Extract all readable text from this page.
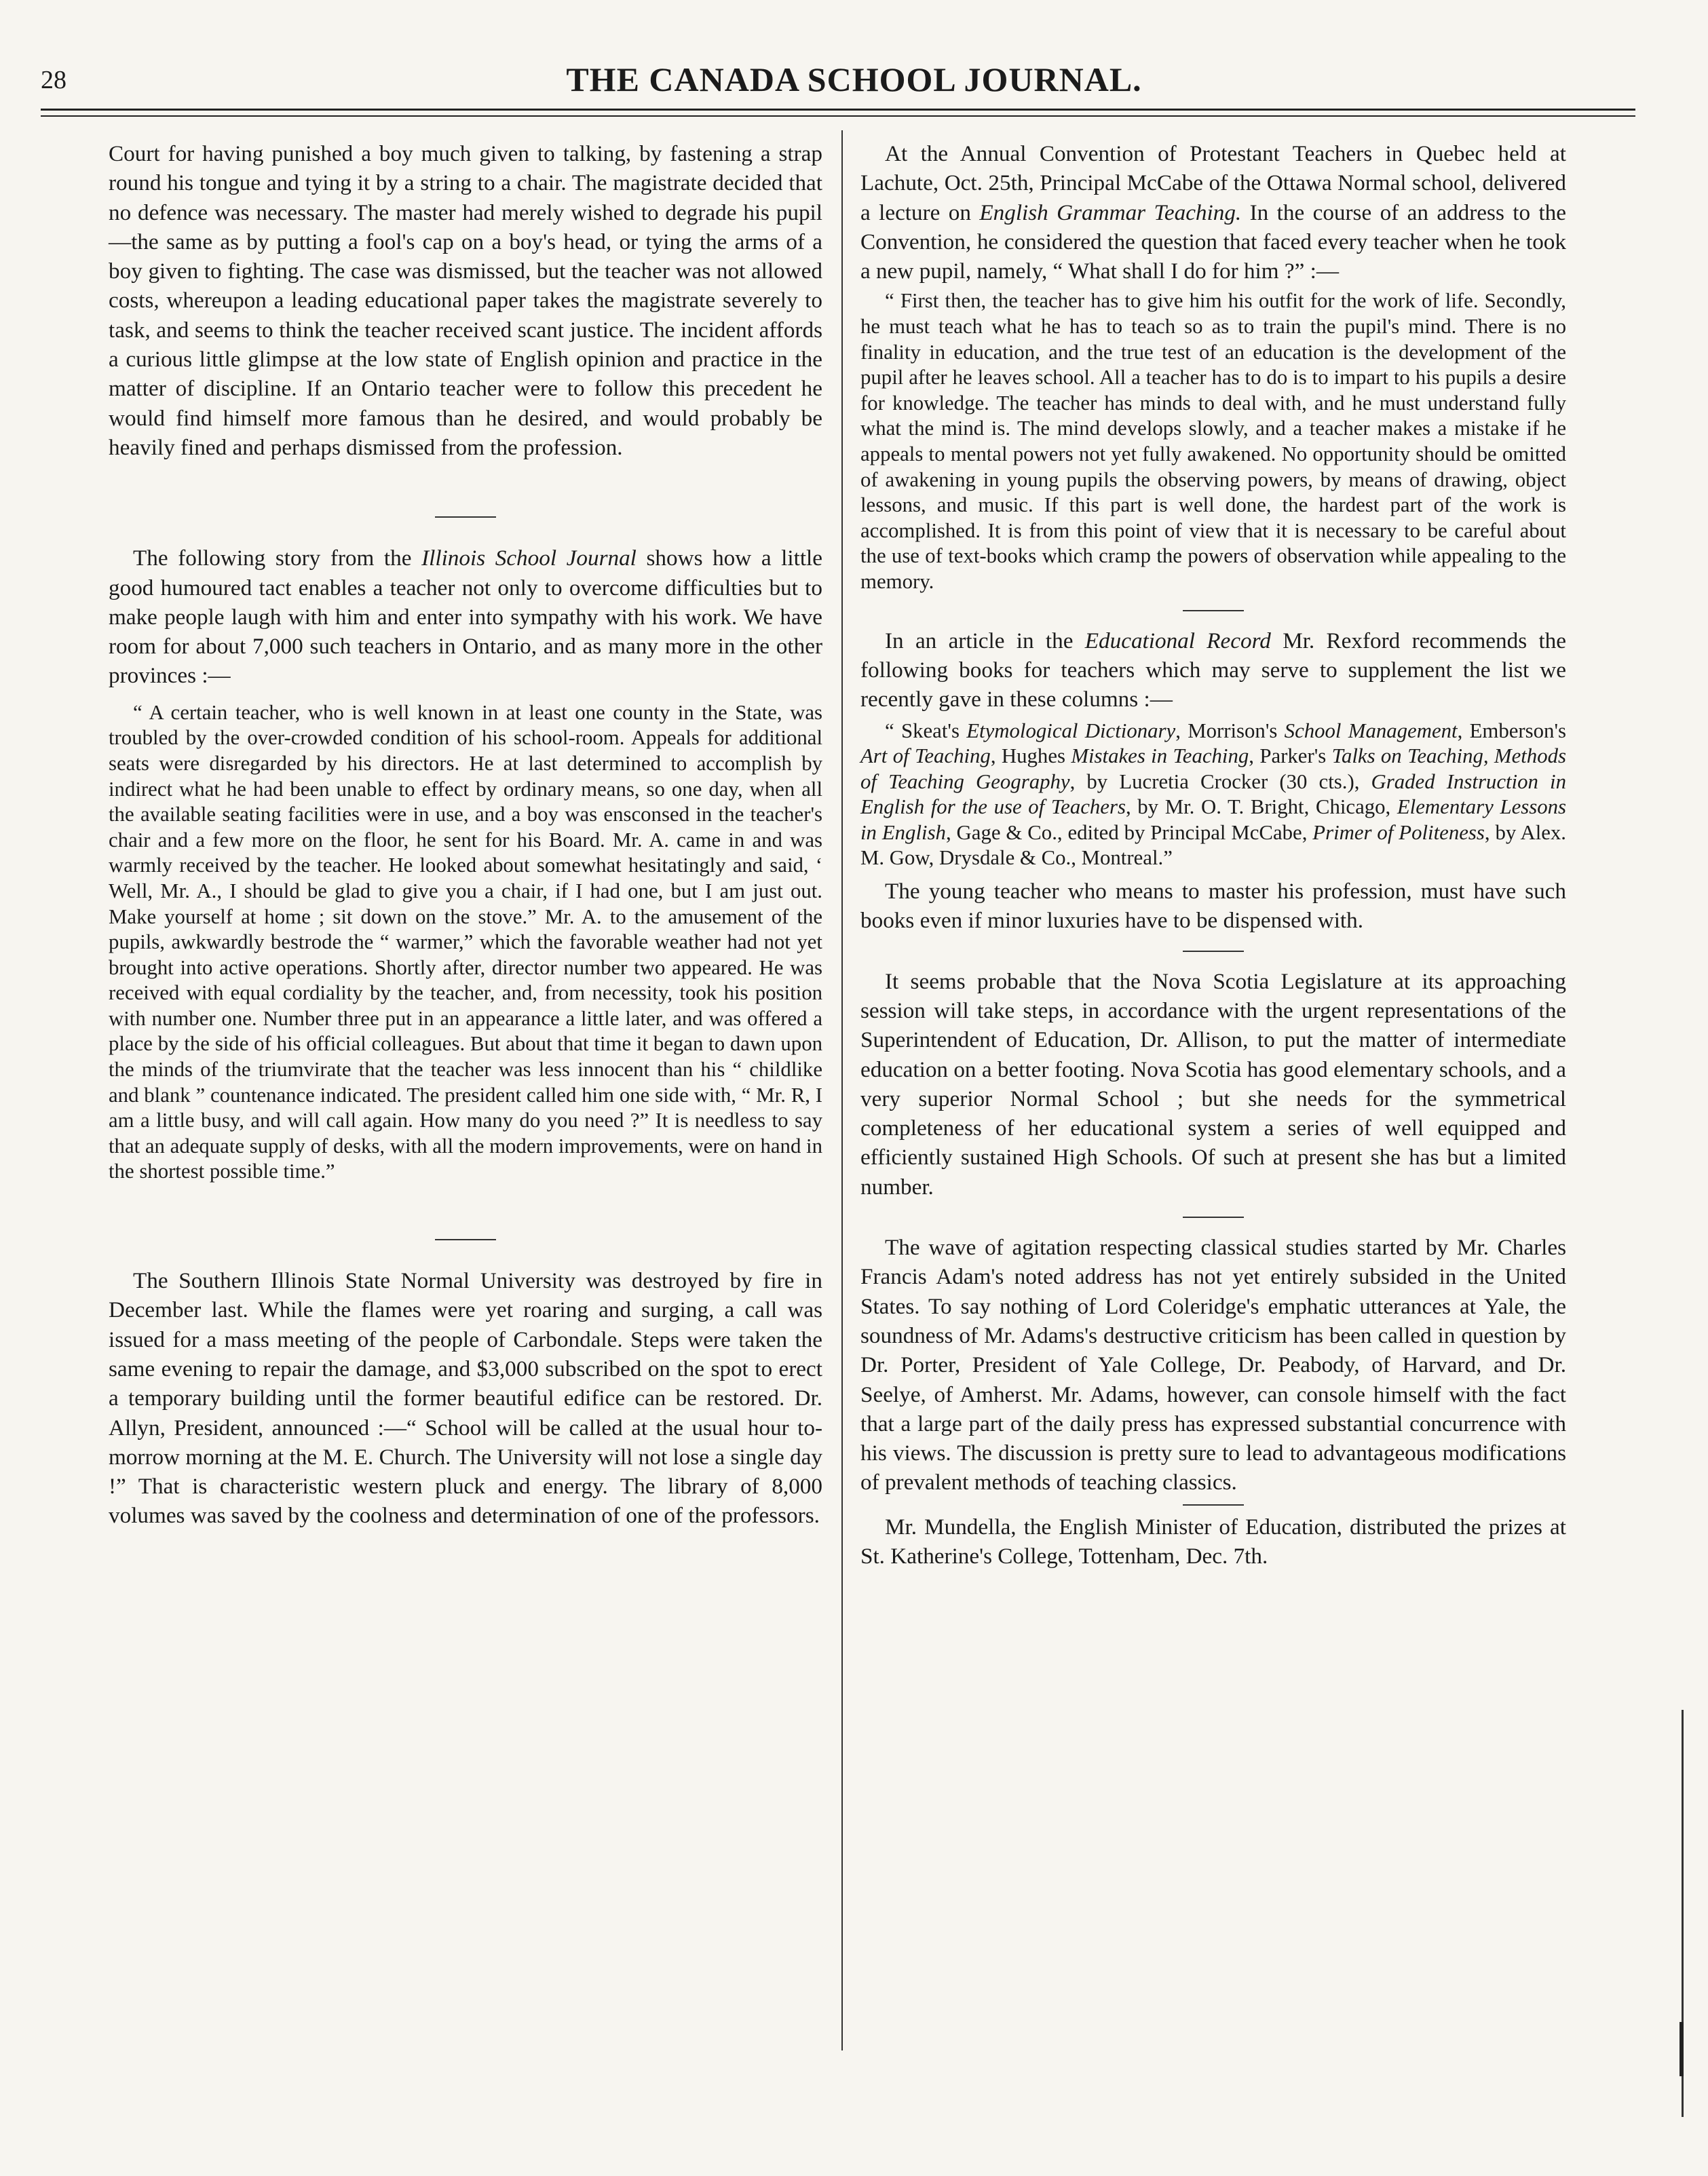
28	THE CANADA SCHOOL JOURNAL.

Court for having punished a boy much given to talking, by fastening a strap round his tongue and tying it by a string to a chair. The magistrate decided that no defence was necessary. The master had merely wished to degrade his pupil—the same as by putting a fool's cap on a boy's head, or tying the arms of a boy given to fighting. The case was dismissed, but the teacher was not allowed costs, whereupon a leading educational paper takes the magistrate severely to task, and seems to think the teacher received scant justice. The incident affords a curious little glimpse at the low state of English opinion and practice in the matter of discipline. If an Ontario teacher were to follow this precedent he would find himself more famous than he desired, and would probably be heavily fined and perhaps dismissed from the profession.

The following story from the Illinois School Journal shows how a little good humoured tact enables a teacher not only to overcome difficulties but to make people laugh with him and enter into sympathy with his work. We have room for about 7,000 such teachers in Ontario, and as many more in the other provinces :—

“ A certain teacher, who is well known in at least one county in the State, was troubled by the over-crowded condition of his school-room. Appeals for additional seats were disregarded by his directors. He at last determined to accomplish by indirect what he had been unable to effect by ordinary means, so one day, when all the available seating facilities were in use, and a boy was ensconsed in the teacher's chair and a few more on the floor, he sent for his Board. Mr. A. came in and was warmly received by the teacher. He looked about somewhat hesitatingly and said, ‘ Well, Mr. A., I should be glad to give you a chair, if I had one, but I am just out. Make yourself at home ; sit down on the stove.” Mr. A. to the amusement of the pupils, awkwardly bestrode the “ warmer,” which the favorable weather had not yet brought into active operations. Shortly after, director number two appeared. He was received with equal cordiality by the teacher, and, from necessity, took his position with number one. Number three put in an appearance a little later, and was offered a place by the side of his official colleagues. But about that time it began to dawn upon the minds of the triumvirate that the teacher was less innocent than his “ childlike and blank ” countenance indicated. The president called him one side with, “ Mr. R, I am a little busy, and will call again. How many do you need ?” It is needless to say that an adequate supply of desks, with all the modern improvements, were on hand in the shortest possible time.”

The Southern Illinois State Normal University was destroyed by fire in December last. While the flames were yet roaring and surging, a call was issued for a mass meeting of the people of Carbondale. Steps were taken the same evening to repair the damage, and $3,000 subscribed on the spot to erect a temporary building until the former beautiful edifice can be restored. Dr. Allyn, President, announced :—“ School will be called at the usual hour to-morrow morning at the M. E. Church. The University will not lose a single day !” That is characteristic western pluck and energy. The library of 8,000 volumes was saved by the coolness and determination of one of the professors.

At the Annual Convention of Protestant Teachers in Quebec held at Lachute, Oct. 25th, Principal McCabe of the Ottawa Normal school, delivered a lecture on English Grammar Teaching. In the course of an address to the Convention, he considered the question that faced every teacher when he took a new pupil, namely, “ What shall I do for him ?” :—

“ First then, the teacher has to give him his outfit for the work of life. Secondly, he must teach what he has to teach so as to train the pupil's mind. There is no finality in education, and the true test of an education is the development of the pupil after he leaves school. All a teacher has to do is to impart to his pupils a desire for knowledge. The teacher has minds to deal with, and he must understand fully what the mind is. The mind develops slowly, and a teacher makes a mistake if he appeals to mental powers not yet fully awakened. No opportunity should be omitted of awakening in young pupils the observing powers, by means of drawing, object lessons, and music. If this part is well done, the hardest part of the work is accomplished. It is from this point of view that it is necessary to be careful about the use of text-books which cramp the powers of observation while appealing to the memory.

In an article in the Educational Record Mr. Rexford recommends the following books for teachers which may serve to supplement the list we recently gave in these columns :—

“ Skeat's Etymological Dictionary, Morrison's School Management, Emberson's Art of Teaching, Hughes Mistakes in Teaching, Parker's Talks on Teaching, Methods of Teaching Geography, by Lucretia Crocker (30 cts.), Graded Instruction in English for the use of Teachers, by Mr. O. T. Bright, Chicago, Elementary Lessons in English, Gage & Co., edited by Principal McCabe, Primer of Politeness, by Alex. M. Gow, Drysdale & Co., Montreal.”

The young teacher who means to master his profession, must have such books even if minor luxuries have to be dispensed with.

It seems probable that the Nova Scotia Legislature at its approaching session will take steps, in accordance with the urgent representations of the Superintendent of Education, Dr. Allison, to put the matter of intermediate education on a better footing. Nova Scotia has good elementary schools, and a very superior Normal School ; but she needs for the symmetrical completeness of her educational system a series of well equipped and efficiently sustained High Schools. Of such at present she has but a limited number.

The wave of agitation respecting classical studies started by Mr. Charles Francis Adam's noted address has not yet entirely subsided in the United States. To say nothing of Lord Coleridge's emphatic utterances at Yale, the soundness of Mr. Adams's destructive criticism has been called in question by Dr. Porter, President of Yale College, Dr. Peabody, of Harvard, and Dr. Seelye, of Amherst. Mr. Adams, however, can console himself with the fact that a large part of the daily press has expressed substantial concurrence with his views. The discussion is pretty sure to lead to advantageous modifications of prevalent methods of teaching classics.

Mr. Mundella, the English Minister of Education, distributed the prizes at St. Katherine's College, Tottenham, Dec. 7th.
